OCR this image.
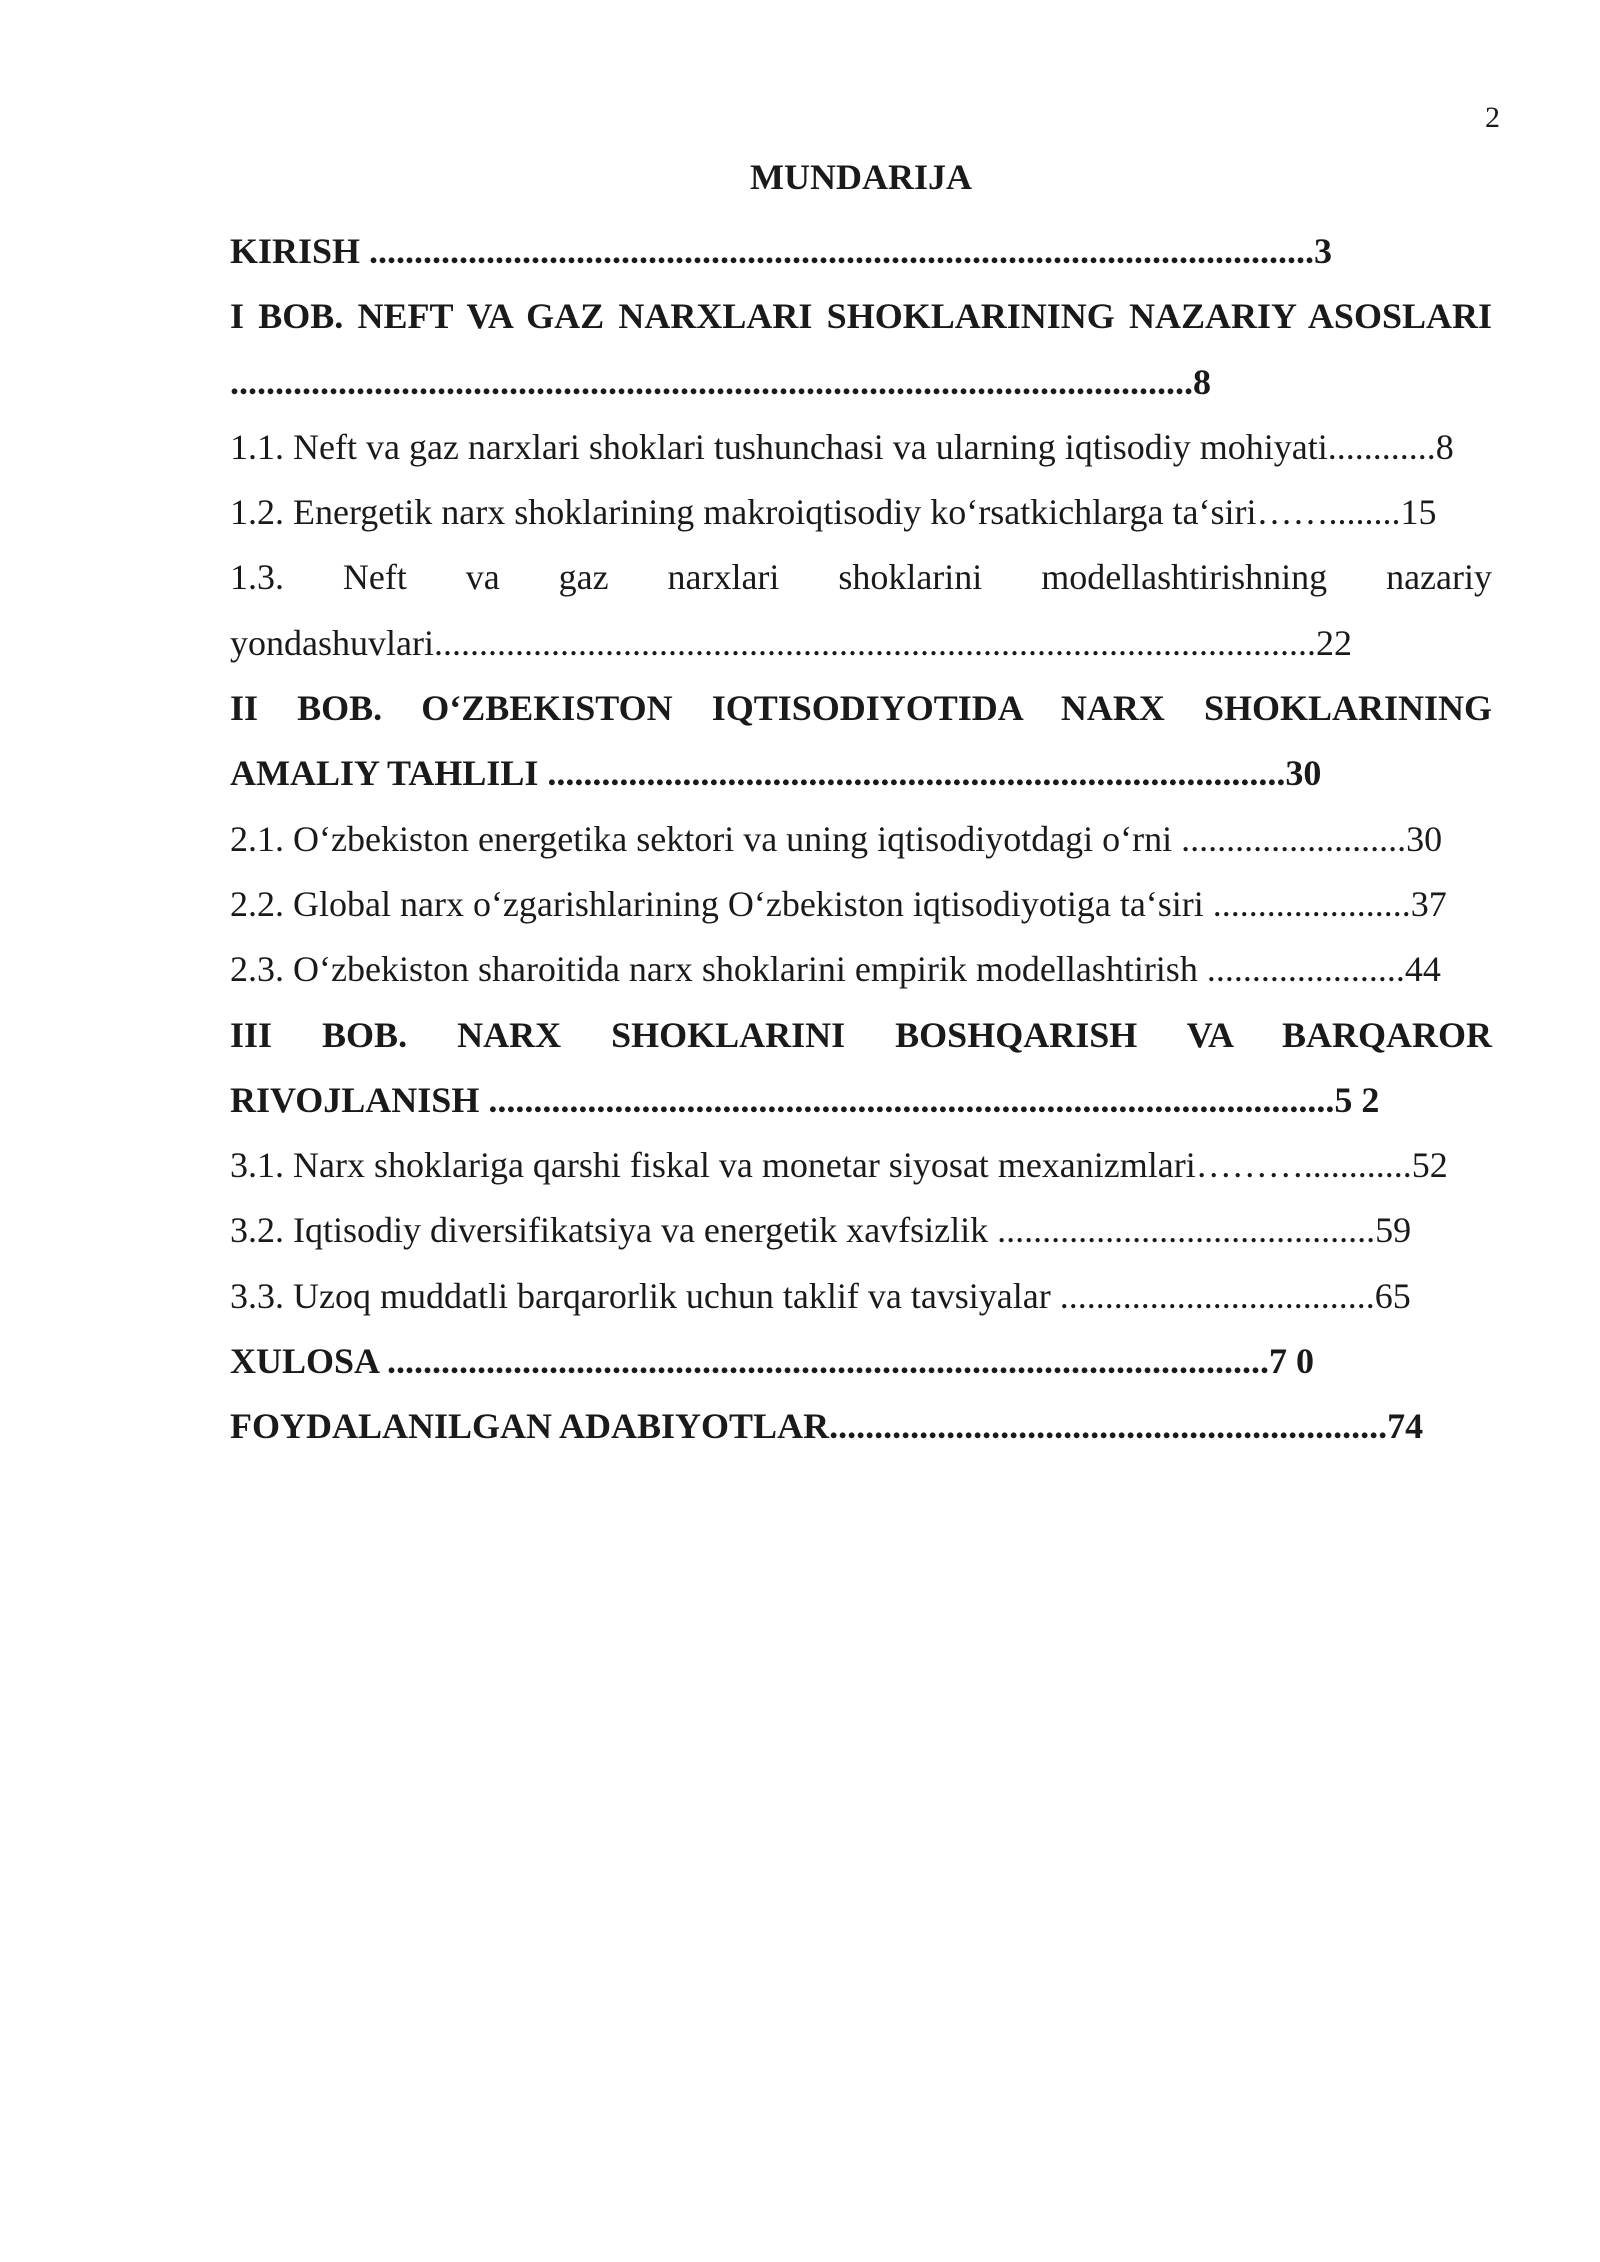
2
MUNDARIJA
KIRISH .........................................................................................................3
I BOB. NEFT VA GAZ NARXLARI SHOKLARINING NAZARIY ASOSLARI ...........................................................................................................8
1.1. Neft va gaz narxlari shoklari tushunchasi va ularning iqtisodiy mohiyati............8
1.2. Energetik narx shoklarining makroiqtisodiy ko‘rsatkichlarga ta‘siri……........15
1.3. Neft va gaz narxlari shoklarini modellashtirishning nazariy yondashuvlari..................................................................................................22
II BOB. O‘ZBEKISTON IQTISODIYOTIDA NARX SHOKLARINING AMALIY TAHLILI ..................................................................................30
2.1. O‘zbekiston energetika sektori va uning iqtisodiyotdagi o‘rni .........................30
2.2. Global narx o‘zgarishlarining O‘zbekiston iqtisodiyotiga ta‘siri ......................37
2.3. O‘zbekiston sharoitida narx shoklarini empirik modellashtirish ......................44
III BOB. NARX SHOKLARINI BOSHQARISH VA BARQAROR RIVOJLANISH ..............................................................................................5 2
3.1. Narx shoklariga qarshi fiskal va monetar siyosat mexanizmlari………............52
3.2. Iqtisodiy diversifikatsiya va energetik xavfsizlik ..........................................59
3.3. Uzoq muddatli barqarorlik uchun taklif va tavsiyalar ...................................65
XULOSA ..................................................................................................7 0
FOYDALANILGAN ADABIYOTLAR..............................................................74
